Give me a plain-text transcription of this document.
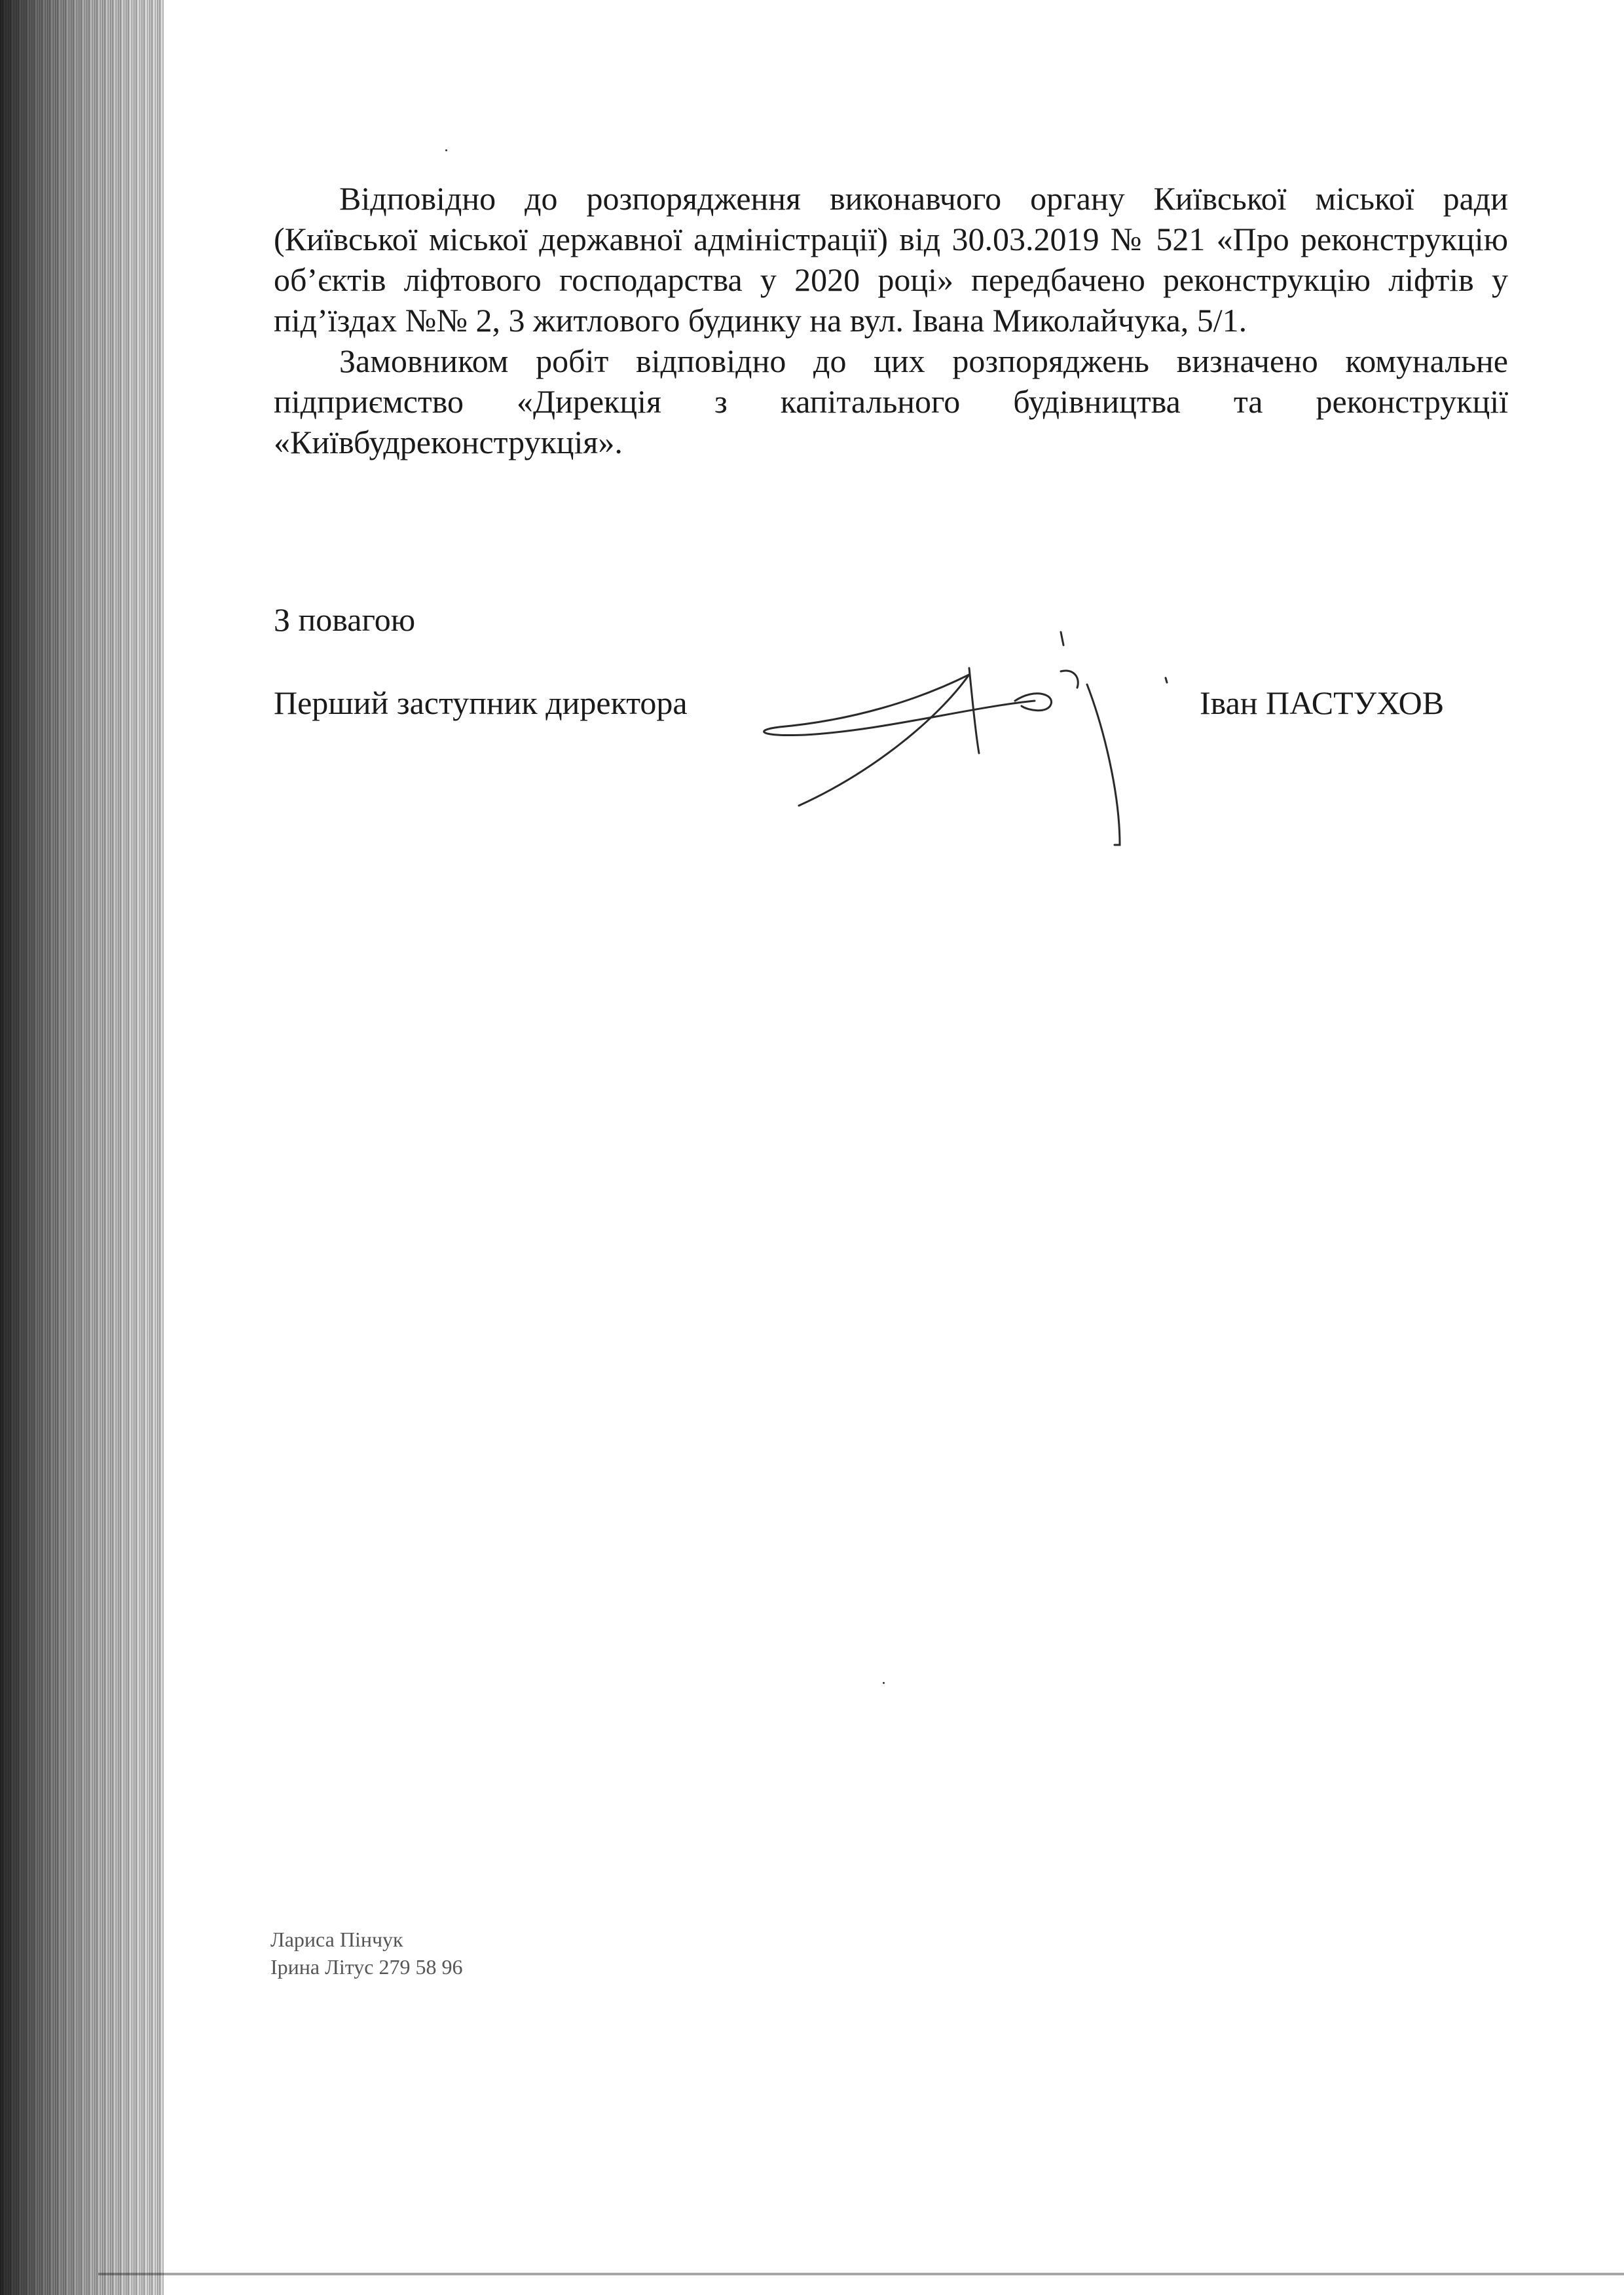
Відповідно до розпорядження виконавчого органу Київської міської ради (Київської міської державної адміністрації) від 30.03.2019 № 521 «Про реконструкцію об’єктів ліфтового господарства у 2020 році» передбачено реконструкцію ліфтів у під’їздах №№ 2, 3 житлового будинку на вул. Івана Миколайчука, 5/1.

Замовником робіт відповідно до цих розпоряджень визначено комунальне підприємство «Дирекція з капітального будівництва та реконструкції «Київбудреконструкція».

З повагою
Перший заступник директора	Іван ПАСТУХОВ
Лариса Пінчук
Ірина Літус 279 58 96
